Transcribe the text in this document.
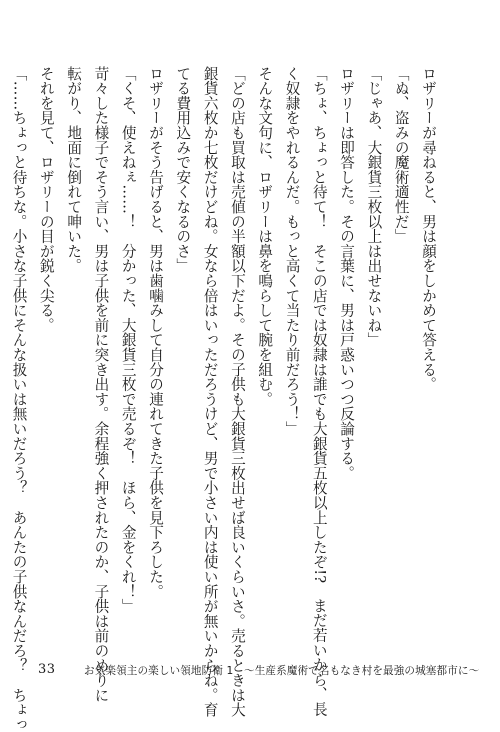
ロザリーが尋ねると、男は顔をしかめて答える。

「ぬ、盗みの魔術適性だ」

「じゃあ、大銀貨三枚以上は出せないね」

ロザリーは即答した。その言葉に、男は戸惑いつつ反論する。

「ちょ、ちょっと待て！　そこの店では奴隷は誰でも大銀貨五枚以上したぞ!?　まだ若いから、長

く奴隷をやれるんだ。もっと高くて当たり前だろう！」

そんな文句に、ロザリーは鼻を鳴らして腕を組む。

「どの店も買取は売値の半額以下だよ。その子供も大銀貨三枚出せば良いくらいさ。売るときは大

銀貨六枚か七枚だけどね。女なら倍はいっただろうけど、男で小さい内は使い所が無いからね。育

てる費用込みで安くなるのさ」

ロザリーがそう告げると、男は歯噛みして自分の連れてきた子供を見下ろした。

「くそ、使えねぇ……！　分かった、大銀貨三枚で売るぞ！　ほら、金をくれ！」

苛々した様子でそう言い、男は子供を前に突き出す。余程強く押されたのか、子供は前のめりに

転がり、地面に倒れて呻いた。

それを見て、ロザリーの目が鋭く尖る。

「……ちょっと待ちな。小さな子供にそんな扱いは無いだろう？　あんたの子供なんだろ？　ちょっ 33	お気楽領主の楽しい領地防衛 1　～生産系魔術で名もなき村を最強の城塞都市に～
